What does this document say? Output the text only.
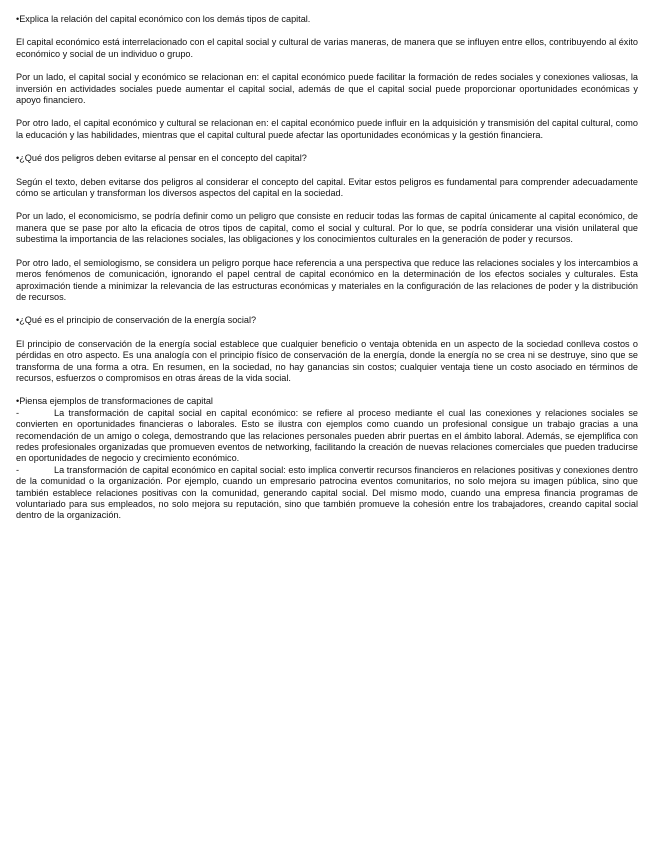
•Explica la relación del capital económico con los demás tipos de capital.

El capital económico está interrelacionado con el capital social y cultural de varias maneras, de manera que se influyen entre ellos, contribuyendo al éxito económico y social de un individuo o grupo.

Por un lado, el capital social y económico se relacionan en: el capital económico puede facilitar la formación de redes sociales y conexiones valiosas, la inversión en actividades sociales puede aumentar el capital social, además de que el capital social puede proporcionar oportunidades económicas y apoyo financiero.

Por otro lado, el capital económico y cultural se relacionan en: el capital económico puede influir en la adquisición y transmisión del capital cultural, como la educación y las habilidades, mientras que el capital cultural puede afectar las oportunidades económicas y la gestión financiera.

•¿Qué dos peligros deben evitarse al pensar en el concepto del capital?

Según el texto, deben evitarse dos peligros al considerar el concepto del capital. Evitar estos peligros es fundamental para comprender adecuadamente cómo se articulan y transforman los diversos aspectos del capital en la sociedad.

Por un lado, el economicismo, se podría definir como un peligro que consiste en reducir todas las formas de capital únicamente al capital económico, de manera que se pase por alto la eficacia de otros tipos de capital, como el social y cultural. Por lo que, se podría considerar una visión unilateral que subestima la importancia de las relaciones sociales, las obligaciones y los conocimientos culturales en la generación de poder y recursos.

Por otro lado, el semiologismo, se considera un peligro porque hace referencia a una perspectiva que reduce las relaciones sociales y los intercambios a meros fenómenos de comunicación, ignorando el papel central de capital económico en la determinación de los efectos sociales y culturales. Esta aproximación tiende a minimizar la relevancia de las estructuras económicas y materiales en la configuración de las relaciones de poder y la distribución de recursos.

•¿Qué es el principio de conservación de la energía social?

El principio de conservación de la energía social establece que cualquier beneficio o ventaja obtenida en un aspecto de la sociedad conlleva costos o pérdidas en otro aspecto. Es una analogía con el principio físico de conservación de la energía, donde la energía no se crea ni se destruye, sino que se transforma de una forma a otra. En resumen, en la sociedad, no hay ganancias sin costos; cualquier ventaja tiene un costo asociado en términos de recursos, esfuerzos o compromisos en otras áreas de la vida social.

•Piensa ejemplos de transformaciones de capital

-	La transformación de capital social en capital económico: se refiere al proceso mediante el cual las conexiones y relaciones sociales se convierten en oportunidades financieras o laborales. Esto se ilustra con ejemplos como cuando un profesional consigue un trabajo gracias a una recomendación de un amigo o colega, demostrando que las relaciones personales pueden abrir puertas en el ámbito laboral. Además, se ejemplifica con redes profesionales organizadas que promueven eventos de networking, facilitando la creación de nuevas relaciones comerciales que pueden traducirse en oportunidades de negocio y crecimiento económico.

-	La transformación de capital económico en capital social: esto implica convertir recursos financieros en relaciones positivas y conexiones dentro de la comunidad o la organización. Por ejemplo, cuando un empresario patrocina eventos comunitarios, no solo mejora su imagen pública, sino que también establece relaciones positivas con la comunidad, generando capital social. Del mismo modo, cuando una empresa financia programas de voluntariado para sus empleados, no solo mejora su reputación, sino que también promueve la cohesión entre los trabajadores, creando capital social dentro de la organización.
